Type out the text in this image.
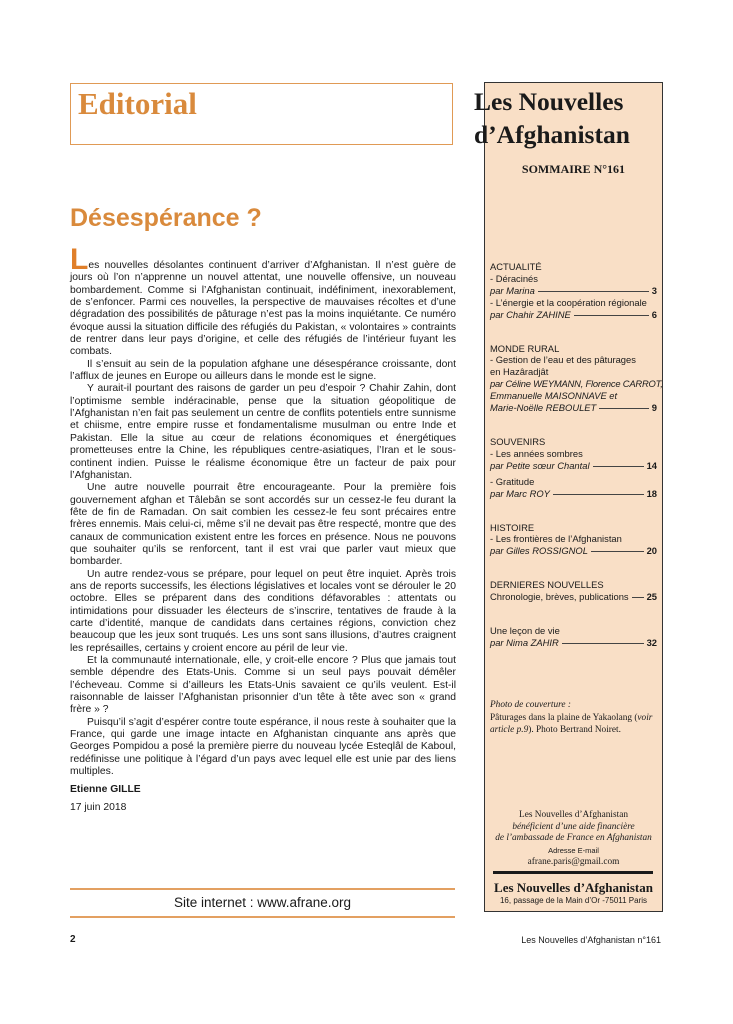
Editorial
Désespérance ?

Les nouvelles désolantes continuent d’arriver d’Afghanistan. Il n’est guère de jours où l’on n’apprenne un nouvel attentat, une nouvelle offensive, un nouveau bombardement. Comme si l’Afghanistan continuait, indéfiniment, inexorablement, de s’enfoncer. Parmi ces nouvelles, la perspective de mauvaises récoltes et d’une dégradation des possibilités de pâturage n’est pas la moins inquiétante. Ce numéro évoque aussi la situation difficile des réfugiés du Pakistan, « volontaires » contraints de rentrer dans leur pays d’origine, et celle des réfugiés de l’intérieur fuyant les combats.

Il s’ensuit au sein de la population afghane une désespérance croissante, dont l’afflux de jeunes en Europe ou ailleurs dans le monde est le signe.

Y aurait-il pourtant des raisons de garder un peu d’espoir ? Chahir Zahin, dont l’optimisme semble indéracinable, pense que la situation géopolitique de l’Afghanistan n’en fait pas seulement un centre de conflits potentiels entre sunnisme et chiisme, entre empire russe et fondamentalisme musulman ou entre Inde et Pakistan. Elle la situe au cœur de relations économiques et énergétiques prometteuses entre la Chine, les républiques centre-asiatiques, l’Iran et le sous-continent indien. Puisse le réalisme économique être un facteur de paix pour l’Afghanistan.

Une autre nouvelle pourrait être encourageante. Pour la première fois gouvernement afghan et Tâlebân se sont accordés sur un cessez-le feu durant la fête de fin de Ramadan. On sait combien les cessez-le feu sont précaires entre frères ennemis. Mais celui-ci, même s’il ne devait pas être respecté, montre que des canaux de communication existent entre les forces en présence. Nous ne pouvons que souhaiter qu’ils se renforcent, tant il est vrai que parler vaut mieux que bombarder.

Un autre rendez-vous se prépare, pour lequel on peut être inquiet. Après trois ans de reports successifs, les élections législatives et locales vont se dérouler le 20 octobre. Elles se préparent dans des conditions défavorables : attentats ou intimidations pour dissuader les électeurs de s’inscrire, tentatives de fraude à la carte d’identité, manque de candidats dans certaines régions, conviction chez beaucoup que les jeux sont truqués. Les uns sont sans illusions, d’autres craignent les représailles, certains y croient encore au péril de leur vie.

Et la communauté internationale, elle, y croit-elle encore ? Plus que jamais tout semble dépendre des Etats-Unis. Comme si un seul pays pouvait démêler l’écheveau. Comme si d’ailleurs les Etats-Unis savaient ce qu’ils veulent. Est-il raisonnable de laisser l’Afghanistan prisonnier d’un tête à tête avec son « grand frère » ?

Puisqu’il s’agit d’espérer contre toute espérance, il nous reste à souhaiter que la France, qui garde une image intacte en Afghanistan cinquante ans après que Georges Pompidou a posé la première pierre du nouveau lycée Esteqlâl de Kaboul, redéfinisse une politique à l’égard d’un pays avec lequel elle est unie par des liens multiples.

Etienne GILLE

17 juin 2018

Les Nouvelles
d’Afghanistan
SOMMAIRE N°161
ACTUALITÉ
- Déracinés
par Marina	3
- L’énergie et la coopération régionale
par Chahir ZAHINE	6
MONDE RURAL
- Gestion de l’eau et des pâturages
en Hazâradjât
par Céline WEYMANN, Florence CARROT,
Emmanuelle MAISONNAVE et
Marie-Noëlle REBOULET	9
SOUVENIRS
- Les années sombres
par Petite sœur Chantal	14
- Gratitude
par Marc ROY	18
HISTOIRE
- Les frontières de l’Afghanistan
par Gilles ROSSIGNOL	20
DERNIERES NOUVELLES
Chronologie, brèves, publications 25
Une leçon de vie
par Nima ZAHIR	32
Photo de couverture :
Pâturages dans la plaine de Yakaolang (voir article p.9). Photo Bertrand Noiret.
Les Nouvelles d’Afghanistan
bénéficient d’une aide financière
de l’ambassade de France en Afghanistan
Adresse E-mail
afrane.paris@gmail.com
Les Nouvelles d’Afghanistan
16, passage de la Main d’Or -75011 Paris
Site internet : www.afrane.org
2	Les Nouvelles d’Afghanistan n°161
